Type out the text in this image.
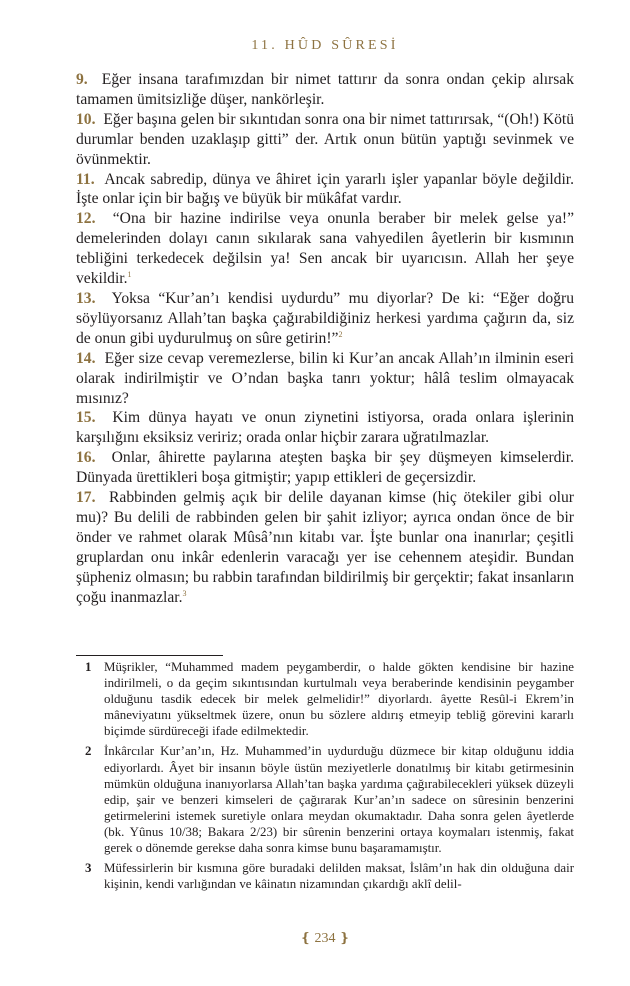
11. HÛD SÛRESİ

9. Eğer insana tarafımızdan bir nimet tattırır da sonra ondan çekip alırsak tamamen ümitsizliğe düşer, nankörleşir.

10. Eğer başına gelen bir sıkıntıdan sonra ona bir nimet tattırırsak, “(Oh!) Kötü durumlar benden uzaklaşıp gitti” der. Artık onun bütün yaptığı sevinmek ve övünmektir.

11. Ancak sabredip, dünya ve âhiret için yararlı işler yapanlar böyle değildir. İşte onlar için bir bağış ve büyük bir mükâfat vardır.

12. “Ona bir hazine indirilse veya onunla beraber bir melek gelse ya!” demelerinden dolayı canın sıkılarak sana vahyedilen âyetlerin bir kısmının tebliğini terkedecek değilsin ya! Sen ancak bir uyarıcısın. Allah her şeye vekildir.$^1$

13. Yoksa “Kur’an’ı kendisi uydurdu” mu diyorlar? De ki: “Eğer doğru söylüyorsanız Allah’tan başka çağırabildiğiniz herkesi yardıma çağırın da, siz de onun gibi uydurulmuş on sûre getirin!”$^2$

14. Eğer size cevap veremezlerse, bilin ki Kur’an ancak Allah’ın ilminin eseri olarak indirilmiştir ve O’ndan başka tanrı yoktur; hâlâ teslim olmayacak mısınız?

15. Kim dünya hayatı ve onun ziynetini istiyorsa, orada onlara işlerinin karşılığını eksiksiz veririz; orada onlar hiçbir zarara uğratılmazlar.

16. Onlar, âhirette paylarına ateşten başka bir şey düşmeyen kimselerdir. Dünyada ürettikleri boşa gitmiştir; yapıp ettikleri de geçersizdir.

17. Rabbinden gelmiş açık bir delile dayanan kimse (hiç ötekiler gibi olur mu)? Bu delili de rabbinden gelen bir şahit izliyor; ayrıca ondan önce de bir önder ve rahmet olarak Mûsâ’nın kitabı var. İşte bunlar ona inanırlar; çeşitli gruplardan onu inkâr edenlerin varacağı yer ise cehennem ateşidir. Bundan şüpheniz olmasın; bu rabbin tarafından bildirilmiş bir gerçektir; fakat insanların çoğu inanmazlar.$^3$

1 Müşrikler, “Muhammed madem peygamberdir, o halde gökten kendisine bir hazine indirilmeli, o da geçim sıkıntısından kurtulmalı veya beraberinde kendisinin peygamber olduğunu tasdik edecek bir melek gelmelidir!” diyorlardı. âyette Resûl-i Ekrem’in mâneviyatını yükseltmek üzere, onun bu sözlere aldırış etmeyip tebliğ görevini kararlı biçimde sürdüreceği ifade edilmektedir.

2 İnkârcılar Kur’an’ın, Hz. Muhammed’in uydurduğu düzmece bir kitap olduğunu iddia ediyorlardı. Âyet bir insanın böyle üstün meziyetlerle donatılmış bir kitabı getirmesinin mümkün olduğuna inanıyorlarsa Allah’tan başka yardıma çağırabilecekleri yüksek düzeyli edip, şair ve benzeri kimseleri de çağırarak Kur’an’ın sadece on sûresinin benzerini getirmelerini istemek suretiyle onlara meydan okumaktadır. Daha sonra gelen âyetlerde (bk. Yûnus 10/38; Bakara 2/23) bir sûrenin benzerini ortaya koymaları istenmiş, fakat gerek o dönemde gerekse daha sonra kimse bunu başaramamıştır.

3 Müfessirlerin bir kısmına göre buradaki delilden maksat, İslâm’ın hak din olduğuna dair kişinin, kendi varlığından ve kâinatın nizamından çıkardığı aklî delil-

❴ 234 ❵
